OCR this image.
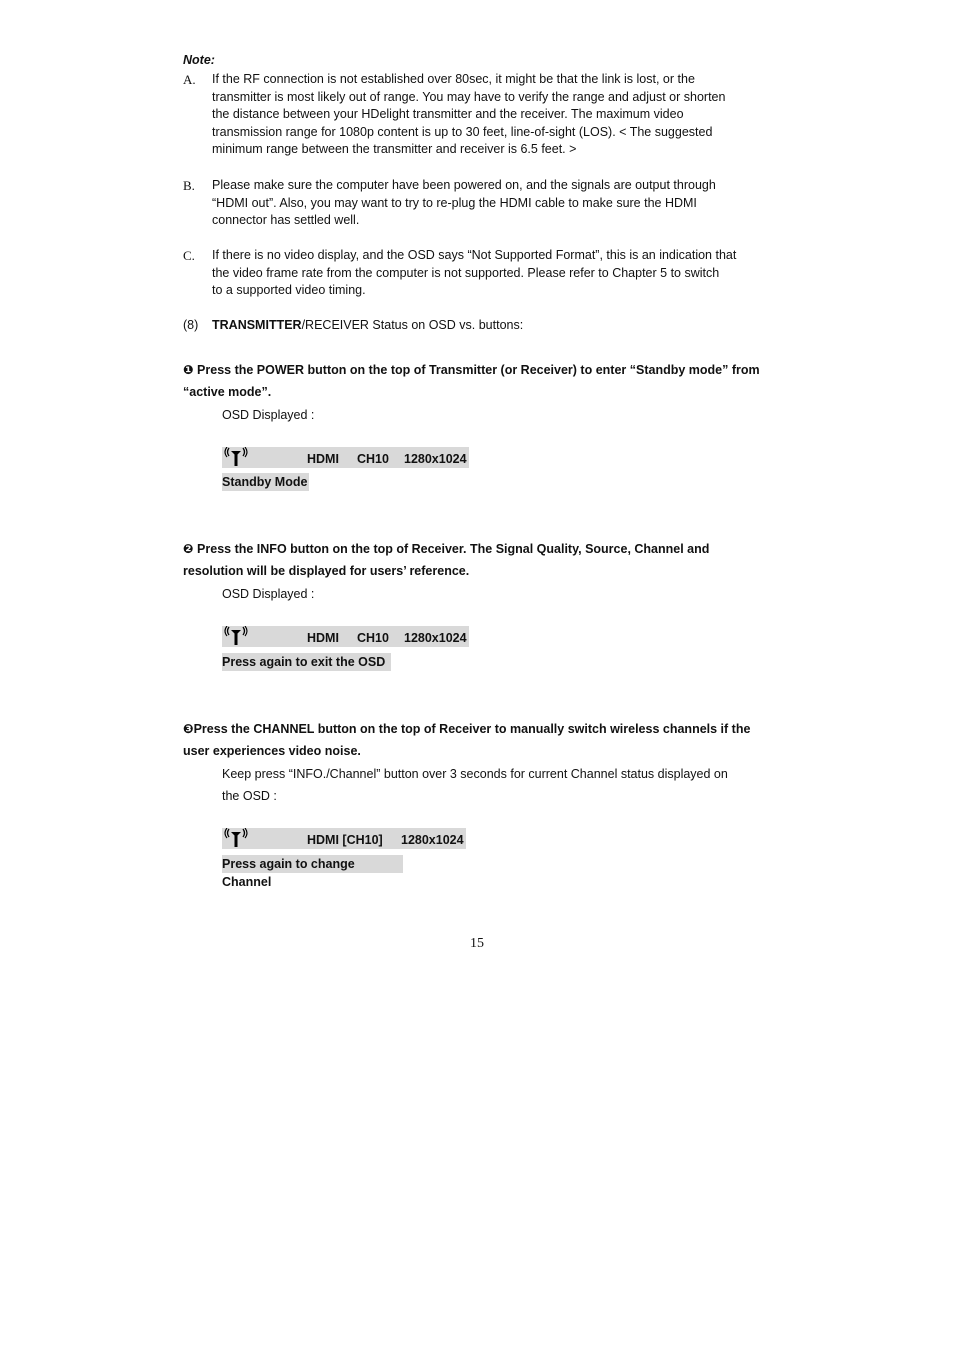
Note:
A. If the RF connection is not established over 80sec, it might be that the link is lost, or the
transmitter is most likely out of range. You may have to verify the range and adjust or shorten
the distance between your HDelight transmitter and the receiver. The maximum video
transmission range for 1080p content is up to 30 feet, line-of-sight (LOS). < The suggested
minimum range between the transmitter and receiver is 6.5 feet. >
B. Please make sure the computer have been powered on, and the signals are output through
“HDMI out”. Also, you may want to try to re-plug the HDMI cable to make sure the HDMI
connector has settled well.
C. If there is no video display, and the OSD says “Not Supported Format”, this is an indication that
the video frame rate from the computer is not supported. Please refer to Chapter 5 to switch
to a supported video timing.
(8) TRANSMITTER/RECEIVER Status on OSD vs. buttons:
❶ Press the POWER button on the top of Transmitter (or Receiver) to enter “Standby mode” from
“active mode”.
OSD Displayed :
HDMI CH10 1280x1024
Standby Mode
❷ Press the INFO button on the top of Receiver. The Signal Quality, Source, Channel and
resolution will be displayed for users’ reference.
OSD Displayed :
HDMI CH10 1280x1024
Press again to exit the OSD
❸Press the CHANNEL button on the top of Receiver to manually switch wireless channels if the
user experiences video noise.
Keep press “INFO./Channel” button over 3 seconds for current Channel status displayed on
the OSD :
HDMI [CH10] 1280x1024
Press again to change Channel
15
